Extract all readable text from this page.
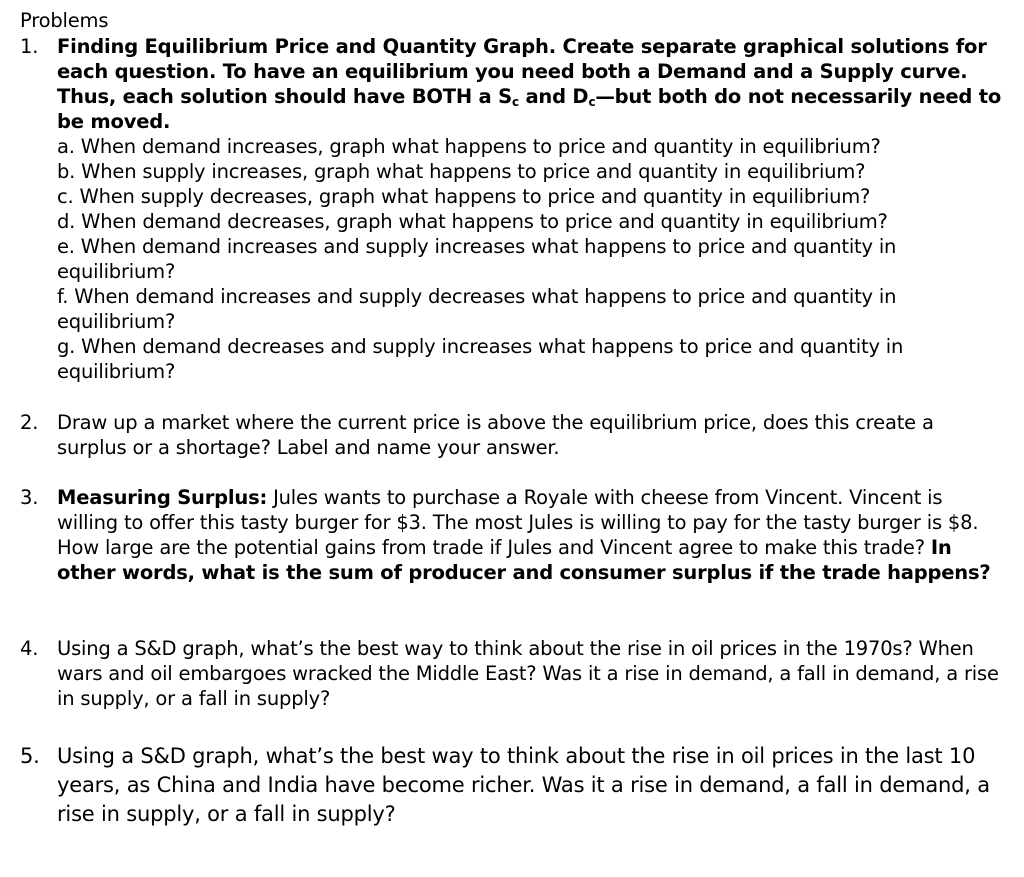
Problems
1. Finding Equilibrium Price and Quantity Graph. Create separate graphical solutions for each question. To have an equilibrium you need both a Demand and a Supply curve. Thus, each solution should have BOTH a $S_c$ and $D_c—but$ both do not necessarily need to be moved.
a. When demand increases, graph what happens to price and quantity in equilibrium?
b. When supply increases, graph what happens to price and quantity in equilibrium?
c. When supply decreases, graph what happens to price and quantity in equilibrium?
d. When demand decreases, graph what happens to price and quantity in equilibrium?
e. When demand increases and supply increases what happens to price and quantity in equilibrium?
f. When demand increases and supply decreases what happens to price and quantity in equilibrium?
g. When demand decreases and supply increases what happens to price and quantity in equilibrium?
2. Draw up a market where the current price is above the equilibrium price, does this create a surplus or a shortage? Label and name your answer.
3. Measuring Surplus: Jules wants to purchase a Royale with cheese from Vincent. Vincent is willing to offer this tasty burger for $3. The most Jules is willing to pay for the tasty burger is $8. How large are the potential gains from trade if Jules and Vincent agree to make this trade? In other words, what is the sum of producer and consumer surplus if the trade happens?
4. Using a S&D graph, what’s the best way to think about the rise in oil prices in the 1970s? When wars and oil embargoes wracked the Middle East? Was it a rise in demand, a fall in demand, a rise in supply, or a fall in supply?
5. Using a S&D graph, what’s the best way to think about the rise in oil prices in the last 10 years, as China and India have become richer. Was it a rise in demand, a fall in demand, a rise in supply, or a fall in supply?
